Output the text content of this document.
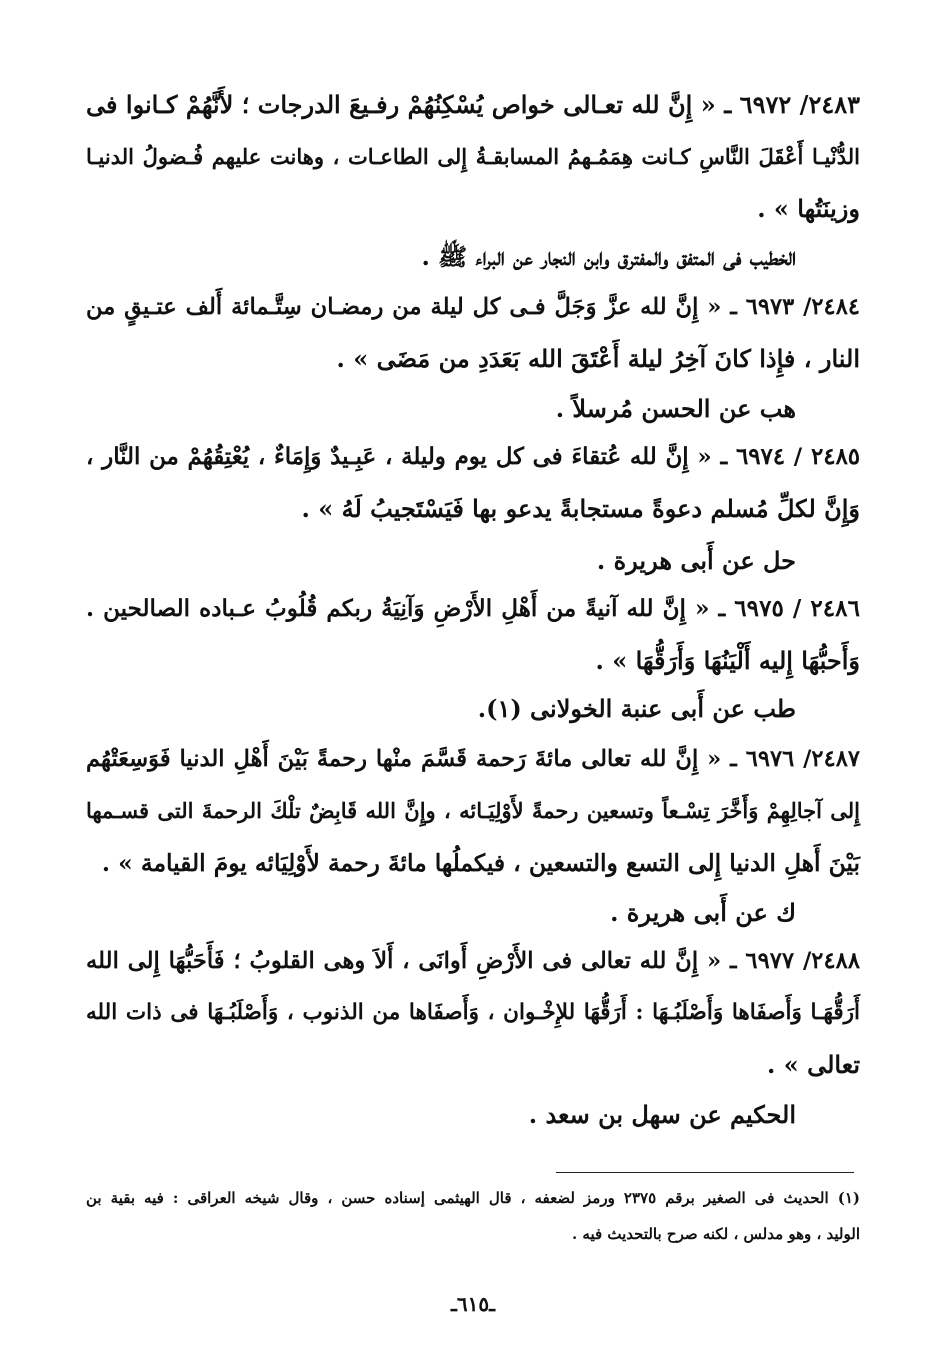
٢٤٨٣/ ٦٩٧٢ ـ « إِنَّ لله تعـالى خواص يُسْكِنُهُمْ رفـيعَ الدرجات ؛ لأَنَّهُمْ كـانوا فى
الدُّنْيـا أَعْقَلَ النَّاسِ كـانت هِمَمُـهمُ المسابقـةُ إِلى الطاعـات ، وهانت عليهم فُـضولُ الدنيـا
وزينَتُها » .
الخطيب فى المتفق والمفترق وابن النجار عن البراء ﷺ .
٢٤٨٤/ ٦٩٧٣ ـ « إِنَّ لله عزَّ وَجَلَّ فـى كل ليلة من رمضـان سِتَّـمائة أَلف عتـيقٍ من
النار ، فإِذا كانَ آخِرُ ليلة أَعْتَقَ الله بَعَدَدِ من مَضَى » .
هب عن الحسن مُرسلاً .
٢٤٨٥ / ٦٩٧٤ ـ « إِنَّ لله عُتقاءَ فى كل يوم وليلة ، عَبِـيدٌ وَإِمَاءٌ ، يُعْتِقُهُمْ من النَّار ،
وَإِنَّ لكلِّ مُسلم دعوةً مستجابةً يدعو بها فَيَسْتَجيبُ لَهُ » .
حل عن أَبى هريرة .
٢٤٨٦ / ٦٩٧٥ ـ « إِنَّ لله آنيةً من أَهْلِ الأَرْضِ وَآنِيَةُ ربكم قُلُوبُ عـباده الصالحين .
وَأَحبُّهَا إِليه أَلْيَنُهَا وَأَرَقُّهَا » .
طب عن أَبى عنبة الخولانى (١).
٢٤٨٧/ ٦٩٧٦ ـ « إِنَّ لله تعالى مائةَ رَحمة قَسَّمَ منْها رحمةً بَيْنَ أَهْلِ الدنيا فَوَسِعَتْهُم
إِلى آجالِهِمْ وَأَخَّرَ تِسْـعاً وتسعين رحمةً لأَوْلِيَـائه ، وإِنَّ الله قَابِضٌ تلْكَ الرحمةَ التى قسـمها
بَيْنَ أَهلِ الدنيا إِلى التسع والتسعين ، فيكملُها مائةَ رحمة لأَوْلِيَائه يومَ القيامة » .
ك عن أَبى هريرة .
٢٤٨٨/ ٦٩٧٧ ـ « إِنَّ لله تعالى فى الأَرْضِ أَوانَى ، أَلاَ وهى القلوبُ ؛ فَأَحَبُّهَا إِلى الله
أَرَقُّهَـا وَأَصفَاها وَأَصْلَبُـهَا : أَرَقُّهَا للإِخْـوان ، وَأَصفَاها من الذنوب ، وَأَصْلَبُـهَا فى ذات الله
تعالى » .
الحكيم عن سهل بن سعد .
(١) الحديث فى الصغير برقم ٢٣٧٥ ورمز لضعفه ، قال الهيثمى إسناده حسن ، وقال شيخه العراقى : فيه بقية بن
الوليد ، وهو مدلس ، لكنه صرح بالتحديث فيه .
ـ٦١٥ـ
